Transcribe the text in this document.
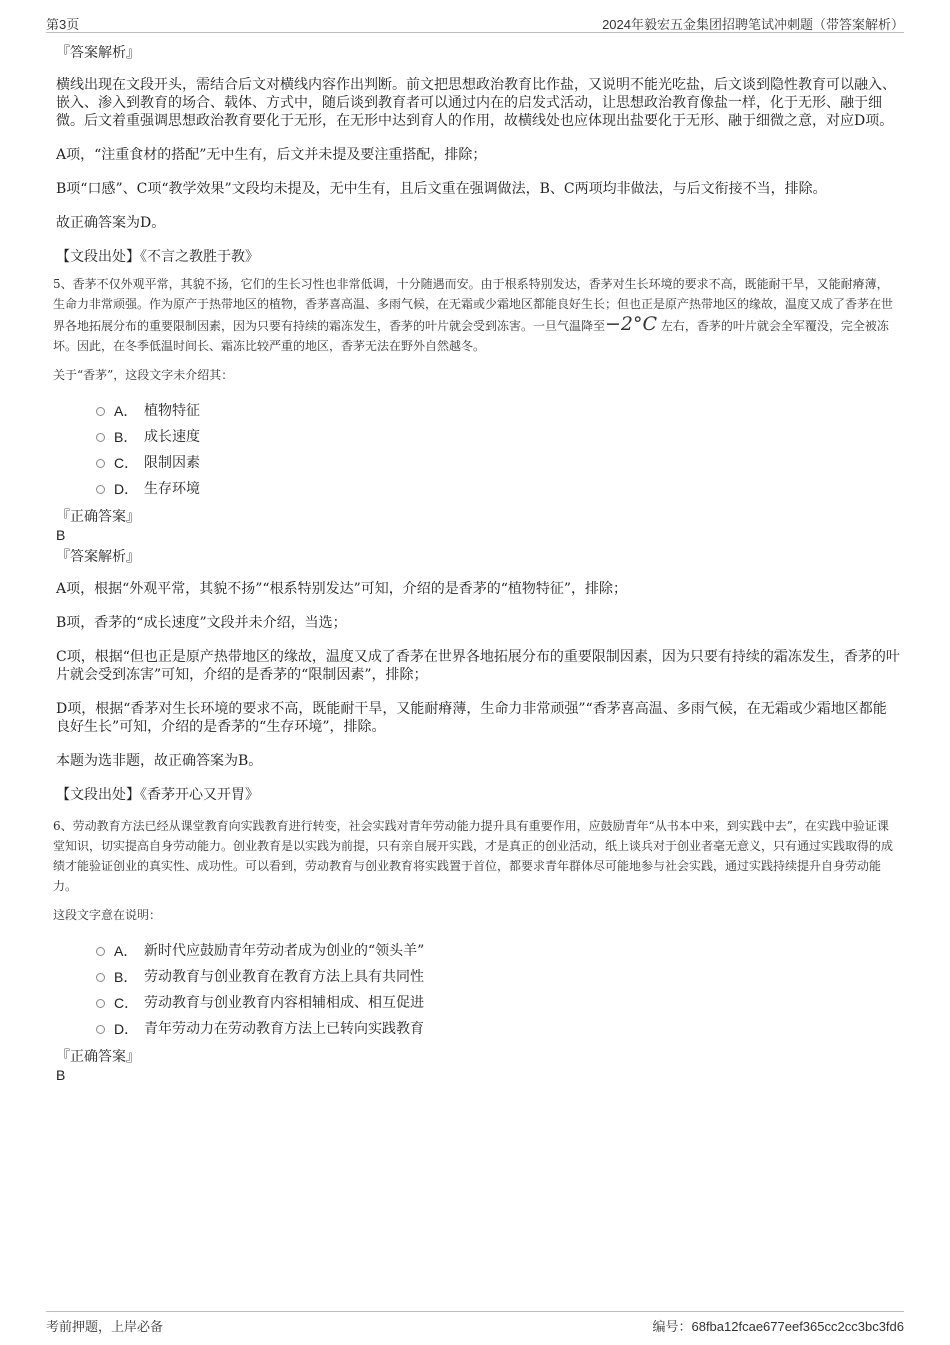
第3页	2024年毅宏五金集团招聘笔试冲刺题（带答案解析）
『答案解析』

横线出现在文段开头，需结合后文对横线内容作出判断。前文把思想政治教育比作盐，又说明不能光吃盐，后文谈到隐性教育可以融入、嵌入、渗入到教育的场合、载体、方式中，随后谈到教育者可以通过内在的启发式活动，让思想政治教育像盐一样，化于无形、融于细微。后文着重强调思想政治教育要化于无形，在无形中达到育人的作用，故横线处也应体现出盐要化于无形、融于细微之意，对应D项。

A项，“注重食材的搭配”无中生有，后文并未提及要注重搭配，排除；

B项“口感”、C项“教学效果”文段均未提及，无中生有，且后文重在强调做法，B、C两项均非做法，与后文衔接不当，排除。

故正确答案为D。

【文段出处】《不言之教胜于教》

5、香茅不仅外观平常，其貌不扬，它们的生长习性也非常低调，十分随遇而安。由于根系特别发达，香茅对生长环境的要求不高，既能耐干旱，又能耐瘠薄，生命力非常顽强。作为原产于热带地区的植物，香茅喜高温、多雨气候，在无霜或少霜地区都能良好生长；但也正是原产热带地区的缘故，温度又成了香茅在世界各地拓展分布的重要限制因素，因为只要有持续的霜冻发生，香茅的叶片就会受到冻害。一旦气温降至−2°C 左右，香茅的叶片就会全军覆没，完全被冻坏。因此，在冬季低温时间长、霜冻比较严重的地区，香茅无法在野外自然越冬。

关于“香茅”，这段文字未介绍其：

A． 植物特征
B． 成长速度
C． 限制因素
D． 生存环境
『正确答案』
B
『答案解析』

A项，根据“外观平常，其貌不扬”“根系特别发达”可知，介绍的是香茅的“植物特征”，排除；

B项，香茅的“成长速度”文段并未介绍，当选；

C项，根据“但也正是原产热带地区的缘故，温度又成了香茅在世界各地拓展分布的重要限制因素，因为只要有持续的霜冻发生，香茅的叶片就会受到冻害”可知，介绍的是香茅的“限制因素”，排除；

D项，根据“香茅对生长环境的要求不高，既能耐干旱，又能耐瘠薄，生命力非常顽强”“香茅喜高温、多雨气候，在无霜或少霜地区都能良好生长”可知，介绍的是香茅的“生存环境”，排除。

本题为选非题，故正确答案为B。

【文段出处】《香茅开心又开胃》

6、劳动教育方法已经从课堂教育向实践教育进行转变，社会实践对青年劳动能力提升具有重要作用，应鼓励青年“从书本中来，到实践中去”，在实践中验证课堂知识，切实提高自身劳动能力。创业教育是以实践为前提，只有亲自展开实践，才是真正的创业活动，纸上谈兵对于创业者毫无意义，只有通过实践取得的成绩才能验证创业的真实性、成功性。可以看到，劳动教育与创业教育将实践置于首位，都要求青年群体尽可能地参与社会实践，通过实践持续提升自身劳动能力。

这段文字意在说明：

A． 新时代应鼓励青年劳动者成为创业的“领头羊”
B． 劳动教育与创业教育在教育方法上具有共同性
C． 劳动教育与创业教育内容相辅相成、相互促进
D． 青年劳动力在劳动教育方法上已转向实践教育
『正确答案』
B
考前押题，上岸必备	编号：68fba12fcae677eef365cc2cc3bc3fd6
